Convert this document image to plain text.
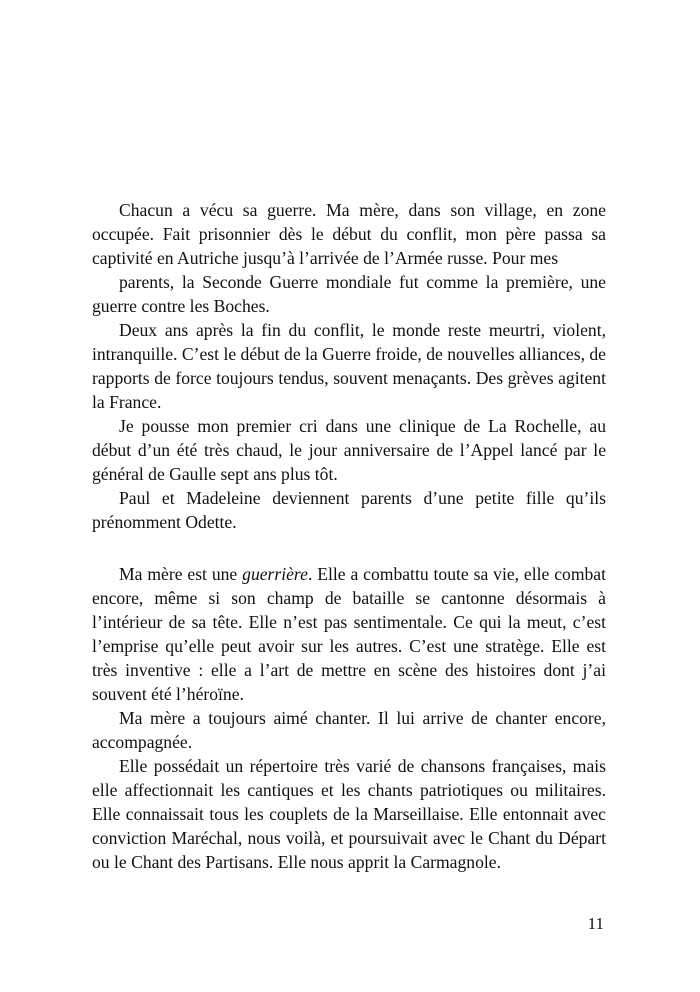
Chacun a vécu sa guerre. Ma mère, dans son village, en zone occupée. Fait prisonnier dès le début du conflit, mon père passa sa captivité en Autriche jusqu’à l’arrivée de l’Armée russe. Pour mes

parents, la Seconde Guerre mondiale fut comme la première, une guerre contre les Boches.

Deux ans après la fin du conflit, le monde reste meurtri, violent, intranquille. C’est le début de la Guerre froide, de nouvelles alliances, de rapports de force toujours tendus, souvent menaçants. Des grèves agitent la France.

Je pousse mon premier cri dans une clinique de La Rochelle, au début d’un été très chaud, le jour anniversaire de l’Appel lancé par le général de Gaulle sept ans plus tôt.

Paul et Madeleine deviennent parents d’une petite fille qu’ils prénomment Odette.

Ma mère est une guerrière. Elle a combattu toute sa vie, elle combat encore, même si son champ de bataille se cantonne désormais à l’intérieur de sa tête. Elle n’est pas sentimentale. Ce qui la meut, c’est l’emprise qu’elle peut avoir sur les autres. C’est une stratège. Elle est très inventive : elle a l’art de mettre en scène des histoires dont j’ai souvent été l’héroïne.

Ma mère a toujours aimé chanter. Il lui arrive de chanter encore, accompagnée.

Elle possédait un répertoire très varié de chansons françaises, mais elle affectionnait les cantiques et les chants patriotiques ou militaires. Elle connaissait tous les couplets de la Marseillaise. Elle entonnait avec conviction Maréchal, nous voilà, et poursuivait avec le Chant du Départ ou le Chant des Partisans. Elle nous apprit la Carmagnole.

11
